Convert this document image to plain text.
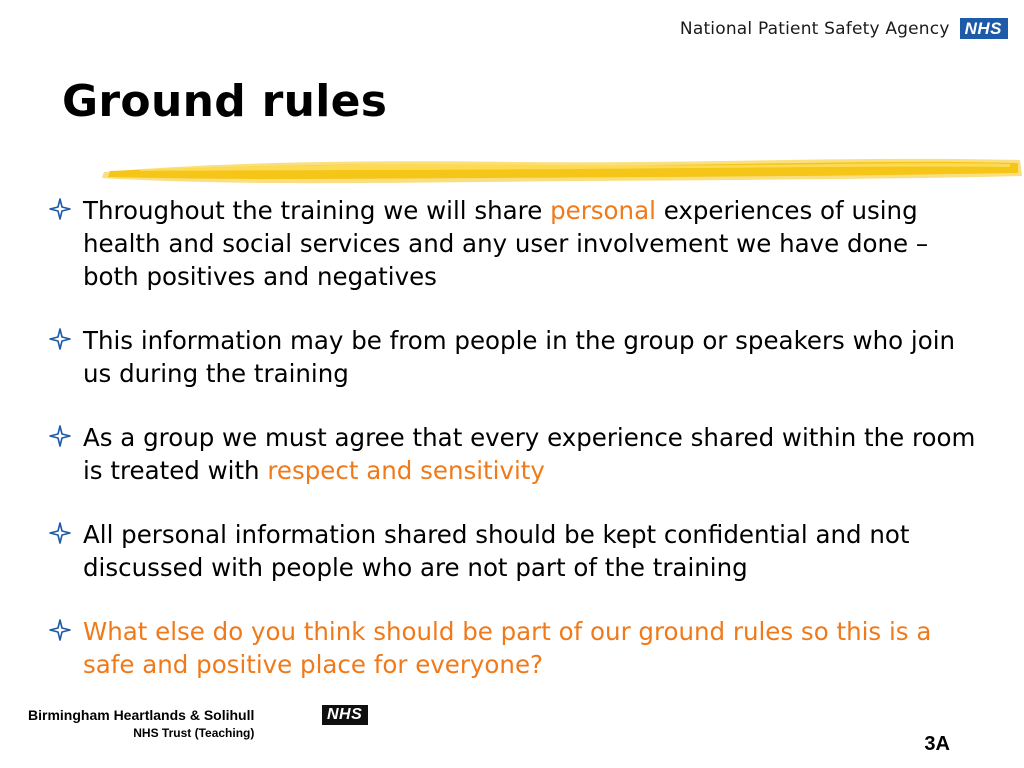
National Patient Safety Agency NHS
Ground rules
Throughout the training we will share personal experiences of using health and social services and any user involvement we have done – both positives and negatives
This information may be from people in the group or speakers who join us during the training
As a group we must agree that every experience shared within the room is treated with respect and sensitivity
All personal information shared should be kept confidential and not discussed with people who are not part of the training
What else do you think should be part of our ground rules so this is a safe and positive place for everyone?
Birmingham Heartlands & Solihull
NHS Trust (Teaching)
NHS
3A
